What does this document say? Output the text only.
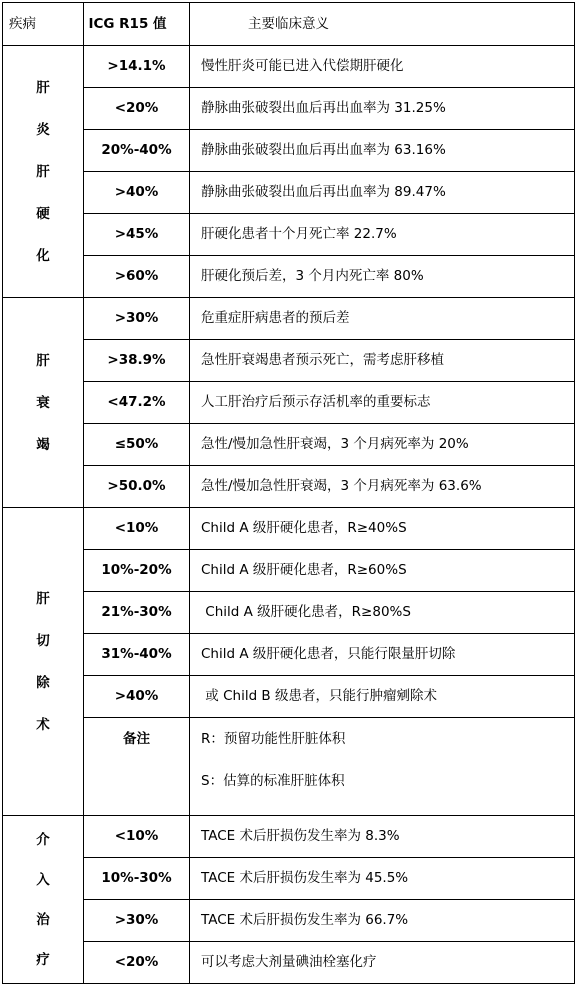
疾病	ICG R15 值	主要临床意义

肝
炎
肝
硬
化	>14.1%	慢性肝炎可能已进入代偿期肝硬化
	<20%	静脉曲张破裂出血后再出血率为 31.25%
	20%-40%	静脉曲张破裂出血后再出血率为 63.16%
	>40%	静脉曲张破裂出血后再出血率为 89.47%
	>45%	肝硬化患者十个月死亡率 22.7%
	>60%	肝硬化预后差，3 个月内死亡率 80%

肝
衰
竭	>30%	危重症肝病患者的预后差
	>38.9%	急性肝衰竭患者预示死亡，需考虑肝移植
	<47.2%	人工肝治疗后预示存活机率的重要标志
	≤50%	急性/慢加急性肝衰竭，3 个月病死率为 20%
	>50.0%	急性/慢加急性肝衰竭，3 个月病死率为 63.6%

肝
切
除
术	<10%	Child A 级肝硬化患者，R≥40%S
	10%-20%	Child A 级肝硬化患者，R≥60%S
	21%-30%	Child A 级肝硬化患者，R≥80%S
	31%-40%	Child A 级肝硬化患者，只能行限量肝切除
	>40%	或 Child B 级患者，只能行肿瘤剜除术
	备注	R：预留功能性肝脏体积
S：估算的标准肝脏体积

介
入
治
疗	<10%	TACE 术后肝损伤发生率为 8.3%
	10%-30%	TACE 术后肝损伤发生率为 45.5%
	>30%	TACE 术后肝损伤发生率为 66.7%
	<20%	可以考虑大剂量碘油栓塞化疗
